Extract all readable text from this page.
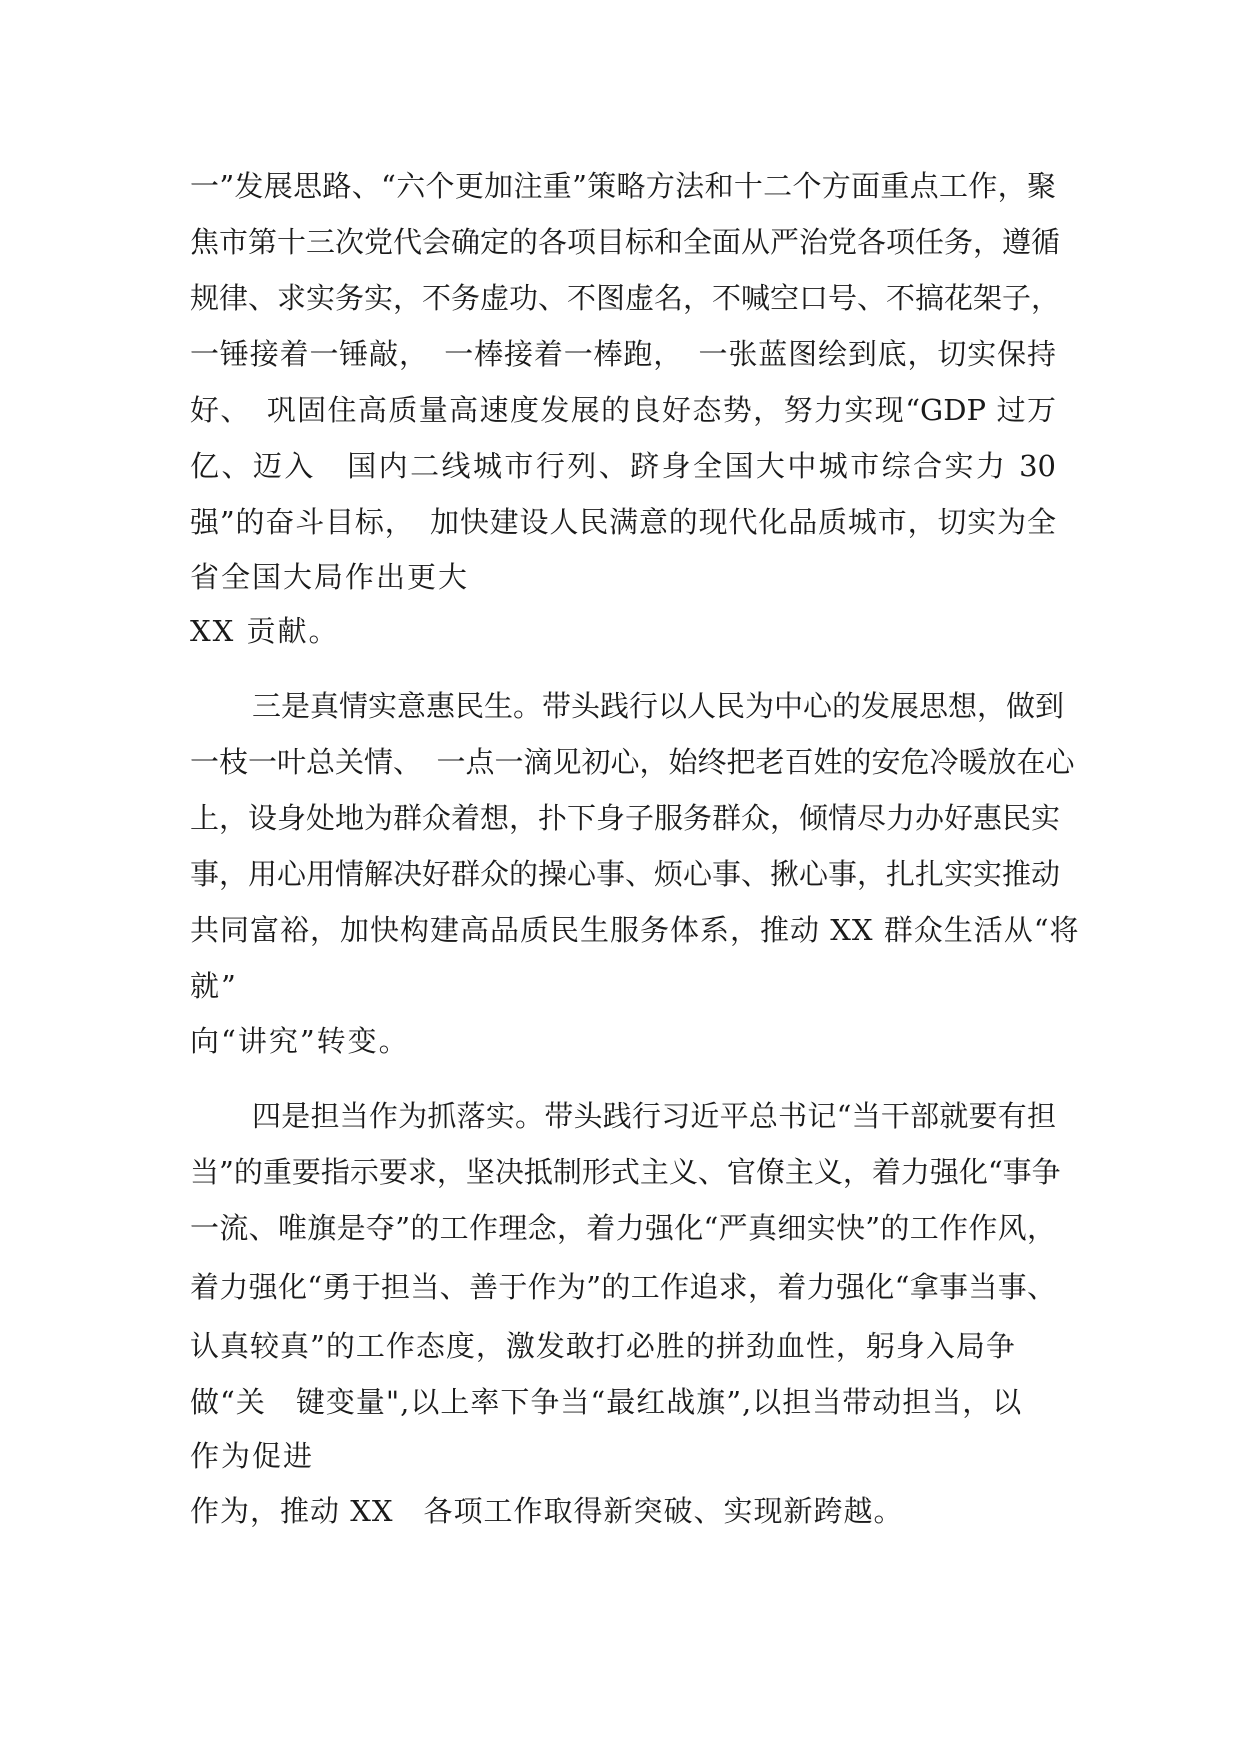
一”发展思路、“六个更加注重”策略方法和十二个方面重点工作，聚
焦市第十三次党代会确定的各项目标和全面从严治党各项任务，遵循
规律、求实务实，不务虚功、不图虚名，不喊空口号、不搞花架子，
一锤接着一锤敲，　一棒接着一棒跑，　一张蓝图绘到底，切实保持
好、　巩固住高质量高速度发展的良好态势，努力实现“GDP 过万
亿、迈入　国内二线城市行列、跻身全国大中城市综合实力 30
强”的奋斗目标，　加快建设人民满意的现代化品质城市，切实为全
省全国大局作出更大
XX 贡献。
三是真情实意惠民生。带头践行以人民为中心的发展思想，做到
一枝一叶总关情、　一点一滴见初心，始终把老百姓的安危冷暖放在心
上，设身处地为群众着想，扑下身子服务群众，倾情尽力办好惠民实
事，用心用情解决好群众的操心事、烦心事、揪心事，扎扎实实推动
共同富裕，加快构建高品质民生服务体系，推动 XX 群众生活从“将
就”
向“讲究”转变。
四是担当作为抓落实。带头践行习近平总书记“当干部就要有担
当”的重要指示要求，坚决抵制形式主义、官僚主义，着力强化“事争
一流、唯旗是夺”的工作理念，着力强化“严真细实快”的工作作风，
着力强化“勇于担当、善于作为”的工作追求，着力强化“拿事当事、
认真较真”的工作态度，激发敢打必胜的拼劲血性，躬身入局争
做“关　键变量",以上率下争当“最红战旗”,以担当带动担当，以
作为促进
作为，推动 XX　各项工作取得新突破、实现新跨越。
